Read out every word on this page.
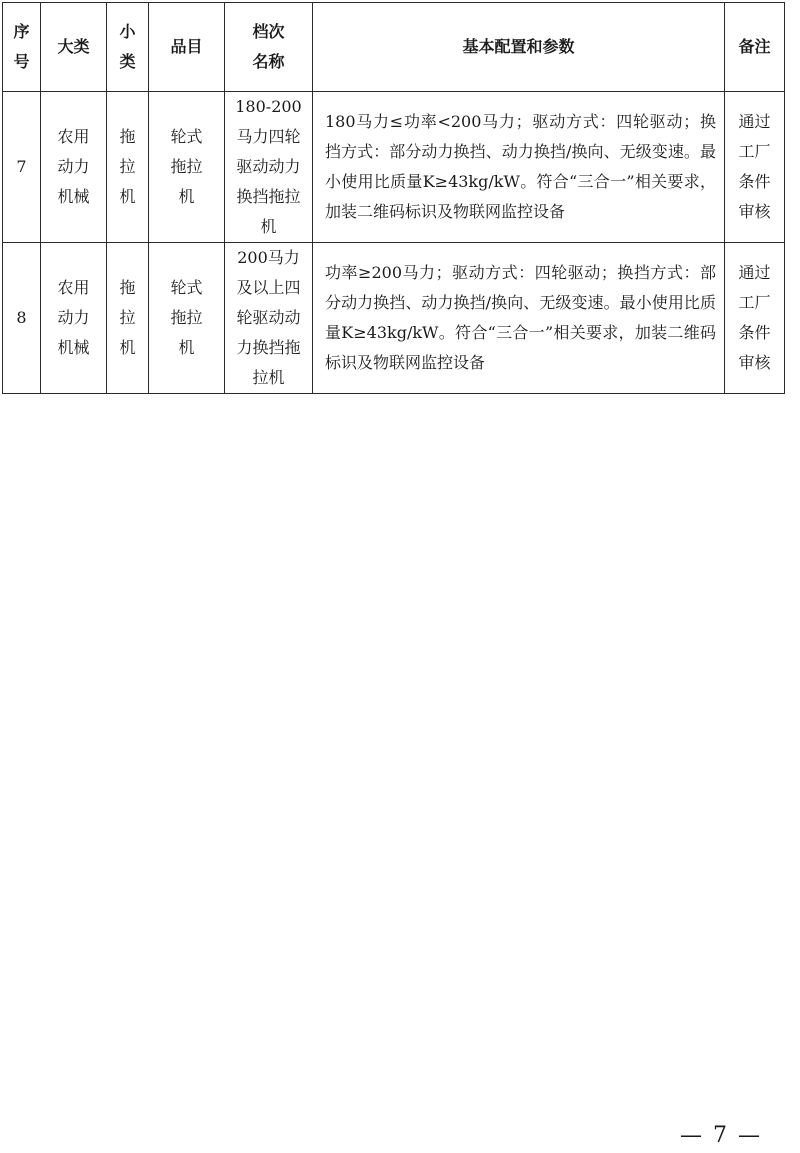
序号	大类	小类	品目	档次名称	基本配置和参数	备注
7	农用动力机械	拖拉机	轮式拖拉机	180-200马力四轮驱动动力换挡拖拉机	180马力≤功率<200马力；驱动方式：四轮驱动；换挡方式：部分动力换挡、动力换挡/换向、无级变速。最小使用比质量K≥43kg/kW。符合“三合一”相关要求，加装二维码标识及物联网监控设备	通过工厂条件审核
8	农用动力机械	拖拉机	轮式拖拉机	200马力及以上四轮驱动动力换挡拖拉机	功率≥200马力；驱动方式：四轮驱动；换挡方式：部分动力换挡、动力换挡/换向、无级变速。最小使用比质量K≥43kg/kW。符合“三合一”相关要求，加装二维码标识及物联网监控设备	通过工厂条件审核
— 7 —
